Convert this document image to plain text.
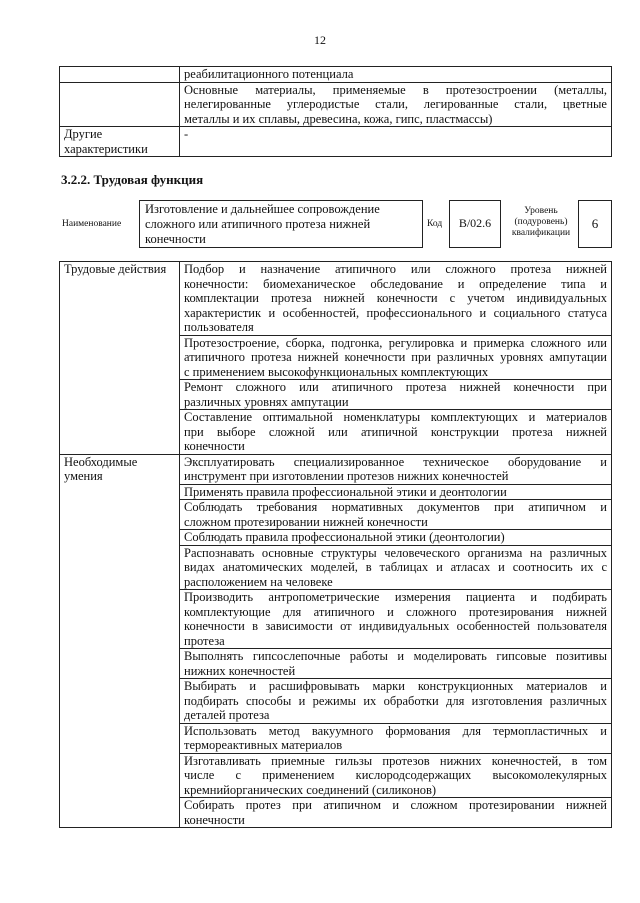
12

	реабилитационного потенциала

	Основные материалы, применяемые в протезостроении (металлы,
нелегированные углеродистые стали, легированные стали, цветные
металлы и их сплавы, древесина, кожа, гипс, пластмассы)

Другие
характеристики	-
3.2.2. Трудовая функция
Наименование
Изготовление и дальнейшее сопровождение
сложного или атипичного протеза нижней
конечности
Код	B/02.6
Уровень
(подуровень)
квалификации
6
Трудовые действия	Подбор и назначение атипичного или сложного протеза нижней
конечности: биомеханическое обследование и определение типа и
комплектации протеза нижней конечности с учетом индивидуальных
характеристик и особенностей, профессионального и социального статуса
пользователя

	Протезостроение, сборка, подгонка, регулировка и примерка сложного или
атипичного протеза нижней конечности при различных уровнях ампутации
с применением высокофункциональных комплектующих

	Ремонт сложного или атипичного протеза нижней конечности при
различных уровнях ампутации

	Составление оптимальной номенклатуры комплектующих и материалов
при выборе сложной или атипичной конструкции протеза нижней
конечности

Необходимые
умения	Эксплуатировать специализированное техническое оборудование и
инструмент при изготовлении протезов нижних конечностей

	Применять правила профессиональной этики и деонтологии

	Соблюдать требования нормативных документов при атипичном и
сложном протезировании нижней конечности

	Соблюдать правила профессиональной этики (деонтологии)

	Распознавать основные структуры человеческого организма на различных
видах анатомических моделей, в таблицах и атласах и соотносить их с
расположением на человеке

	Производить антропометрические измерения пациента и подбирать
комплектующие для атипичного и сложного протезирования нижней
конечности в зависимости от индивидуальных особенностей пользователя
протеза

	Выполнять гипсослепочные работы и моделировать гипсовые позитивы
нижних конечностей

	Выбирать и расшифровывать марки конструкционных материалов и
подбирать способы и режимы их обработки для изготовления различных
деталей протеза

	Использовать метод вакуумного формования для термопластичных и
термореактивных материалов

	Изготавливать приемные гильзы протезов нижних конечностей, в том
числе с применением кислородсодержащих высокомолекулярных
кремнийорганических соединений (силиконов)

	Собирать протез при атипичном и сложном протезировании нижней
конечности
